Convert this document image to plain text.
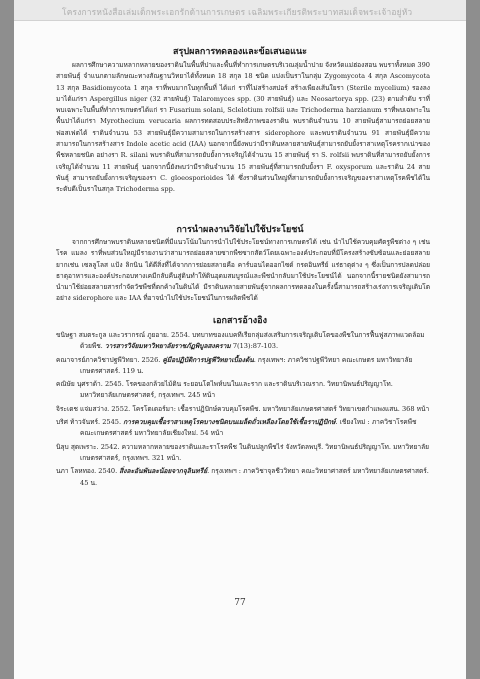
โครงการหนังสือเล่มเด็กพระเอกรักด้านการเกษตร เฉลิมพระเกียรติพระบาทสมเด็จพระเจ้าอยู่หัว
สรุปผลการทดลองและข้อเสนอแนะ

ผลการศึกษาความหลากหลายของราดินในพื้นที่ปาและพื้นที่ทำการเกษตรบริเวณลุ่มน้ำปาย จังหวัดแม่ฮ่องสอน พบราทั้งหมด 390 สายพันธุ์ จำแนกตามลักษณะทางสัณฐานวิทยาได้ทั้งหมด 18 สกุล 18 ชนิด แบ่งเป็นราในกลุ่ม Zygomycota 4 สกุล Ascomycota 13 สกุล Basidiomycota 1 สกุล ราที่พบมากในทุกพื้นที่ ได้แก่ ราที่ไม่สร้างสปอร์ สร้างเพียงเส้นใยรา (Sterile mycelium) รองลงมาได้แก่รา Aspergillus niger (32 สายพันธุ์) Talaromyces spp. (30 สายพันธุ์) และ Neosartorya spp. (23) ตามลำดับ ราที่พบเฉพาะในพื้นที่ทำการเกษตรได้แก่ รา Fusarium solani, Sclelotium rolfsii และ Trichoderma harzianum ราที่พบเฉพาะในพื้นปาได้แก่รา Myrothecium verucaria ผลการทดสอบประสิทธิภาพของราดิน พบราดินจำนวน 10 สายพันธุ์สามารถย่อยสลายฟอสเฟตได้ ราดินจำนวน 53 สายพันธุ์มีความสามารถในการสร้างสาร siderophore และพบราดินจำนวน 91 สายพันธุ์มีความสามารถในการสร้างสาร Indole acetic acid (IAA) นอกจากนี้ยังพบว่ามีราดินหลายสายพันธุ์สามารถยับยั้งราสาเหตุโรครากเน่าของพืชหลายชนิด อย่างรา R. silani พบราดินที่สามารถยับยั้งการเจริญได้จำนวน 15 สายพันธุ์ รา S. rolfsii พบราดินที่สามารถยับยั้งการเจริญได้จำนวน 11 สายพันธุ์ นอกจากนี้ยังพบว่ามีราดินจำนวน 15 สายพันธุ์ที่สามารถยับยั้งรา F. oxysporum และราดิน 24 สายพันธุ์ สามารถยับยั้งการเจริญของรา C. gloeosporioides ได้ ซึ่งราดินส่วนใหญ่ที่สามารถยับยั้งการเจริญของราสาเหตุโรคพืชได้ในระดับดีเป็นราในสกุล Trichoderma spp.

การนำผลงานวิจัยไปใช้ประโยชน์

จากการศึกษาพบราดินหลายชนิดที่มีแนวโน้มในการนำไปใช้ประโยชน์ทางการเกษตรได้ เช่น นำไปใช้ควบคุมศัตรูพืชต่าง ๆ เช่น โรค แมลง ราที่พบส่วนใหญ่มีรายงานว่าสามารถย่อยสลายซากพืชซากสัตว์โดยเฉพาะองค์ประกอบที่มีโครงสร้างซับซ้อนและย่อยสลายยากเช่น เซลลูโลส แป้ง ลิกนิน ได้ดีสิ่งที่ได้จากการย่อยสลายคือ คาร์บอนไดออกไซด์ กรดอินทรีย์ แร่ธาตุต่าง ๆ ซึ่งเป็นการปลดปล่อยธาตุอาหารและองค์ประกอบทางเคมีกลับคืนสู่ดินทำให้ดินอุดมสมบูรณ์และพืชนำกลับมาใช้ประโยชน์ได้ นอกจากนี้รายชนิดยังสามารถนำมาใช้ย่อยสลายสารกำจัดวัชพืชที่ตกค้างในดินได้ มีราดินหลายสายพันธุ์จากผลการทดลองในครั้งนี้สามารถสร้างเร่งการเจริญเติบโตอย่าง siderophore และ IAA ที่อาจนำไปใช้ประโยชน์ในการผลิตพืชได้

เอกสารอ้างอิง

ขนิษฐา สมตระกูล และวรากรณ์ ภูยอาย. 2554. บทบาทของแบคทีเรียกลุ่มส่งเสริมการเจริญเติบโตของพืชในการฟื้นฟูสภาพแวดล้อมด้วยพืช. วารสารวิจัยมหาวิทยาลัยราชภัฏพิบูลสงคราม 7(13):87-103.

คณาจารย์ภาควิชาปฐพีวิทยา. 2526. คู่มือปฏิบัติการปฐพีวิทยาเบื้องต้น. กรุงเทพฯ: ภาควิชาปฐพีวิทยา คณะเกษตร มหาวิทยาลัยเกษตรศาสตร์. 119 น.

คณิษัย นุศราด้า. 2545. โรคของกล้วยไม้ดิน ระยอนโตไพห์บนในและราก และราดินบริเวณราก. วิทยานิพนธ์ปริญญาโท. มหาวิทยาลัยเกษตรศาสตร์, กรุงเทพฯ. 245 หน้า

จิระเดช แจ่มสว่าง. 2552. โครโตเดอร์มา: เชื้อราปฏิปักษ์ควบคุมโรคพืช. มหาวิทยาลัยเกษตรศาสตร์ วิทยาเขตกำแพงแสน. 368 หน้า

บริศ ท้าวจันทร์. 2545. การควบคุมเชื้อราสาเหตุโรคบางชนิดบนเมล็ดถั่วเหลืองโดยใช้เชื้อราปฏิปักษ์. เชียงใหม่ : ภาควิชาโรคพืช คณะเกษตรศาสตร์ มหาวิทยาลัยเชียงใหม่. 54 หน้า

นิลุบ สุดเพราะ. 2542. ความหลากหลายของราดินและราโรคพืช ในดินปลูกพืชไร่ จังหวัดลพบุรี. วิทยานิพนธ์ปริญญาโท. มหาวิทยาลัยเกษตรศาสตร์, กรุงเทพฯ. 321 หน้า.

นภา โลหทอง. 2540. สิ่งละอันพันละน้อยจากจุลินทรีย์. กรุงเทพฯ : ภาควิชาจุลชีววิทยา คณะวิทยาศาสตร์ มหาวิทยาลัยเกษตรศาสตร์. 45 น.

77
